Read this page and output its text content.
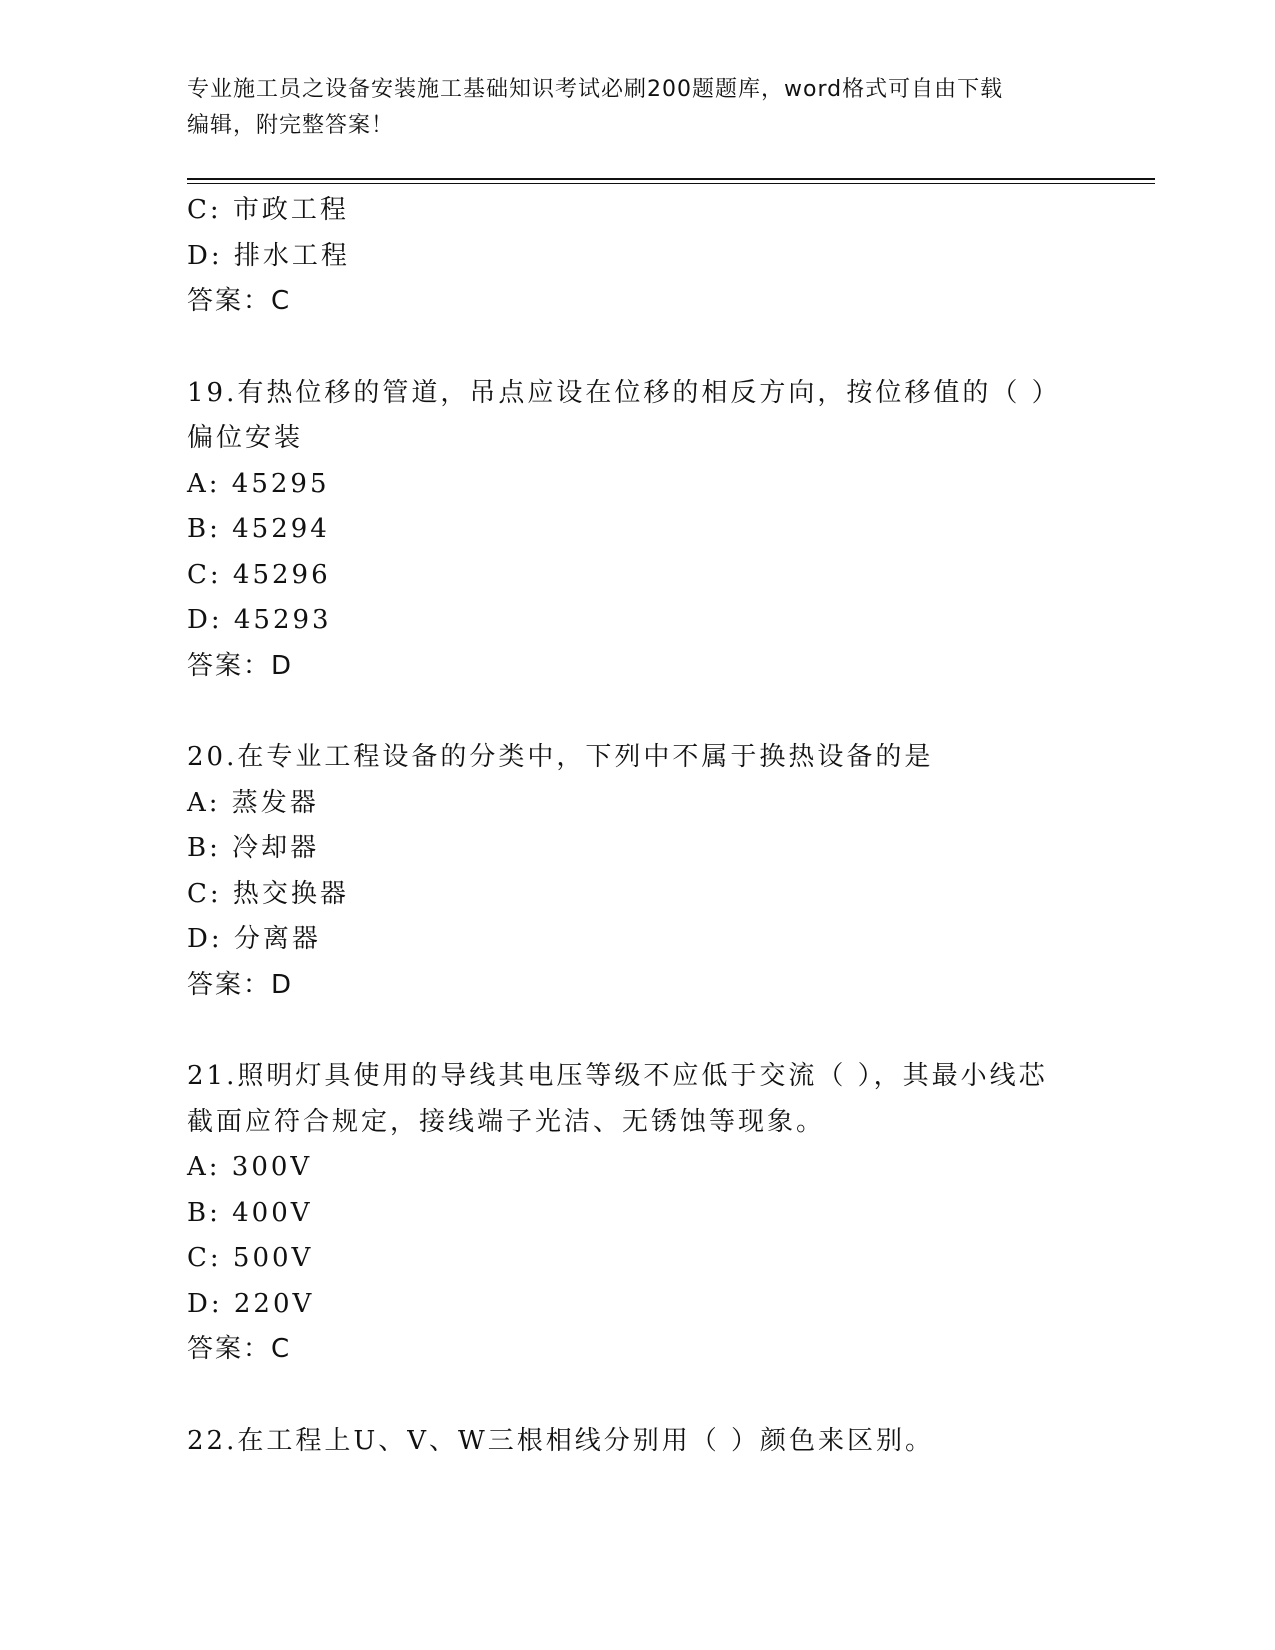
专业施工员之设备安装施工基础知识考试必刷200题题库，word格式可自由下载
编辑，附完整答案！
C: 市政工程
D: 排水工程
答案：C
19.有热位移的管道，吊点应设在位移的相反方向，按位移值的（ ）
偏位安装
A: 45295
B: 45294
C: 45296
D: 45293
答案：D
20.在专业工程设备的分类中，下列中不属于换热设备的是
A: 蒸发器
B: 冷却器
C: 热交换器
D: 分离器
答案：D
21.照明灯具使用的导线其电压等级不应低于交流（ ），其最小线芯
截面应符合规定，接线端子光洁、无锈蚀等现象。
A: 300V
B: 400V
C: 500V
D: 220V
答案：C
22.在工程上U、V、W三根相线分别用（ ）颜色来区别。
